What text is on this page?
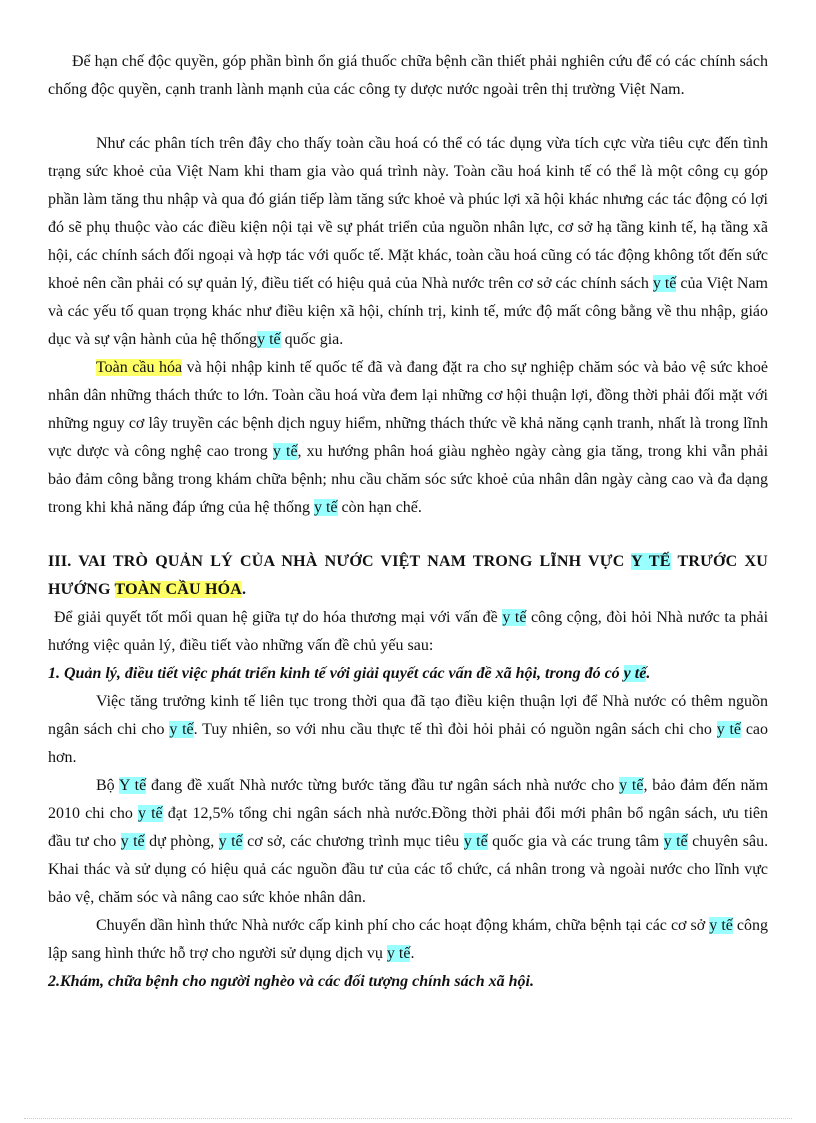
Để hạn chế độc quyền, góp phần bình ổn giá thuốc chữa bệnh cần thiết phải nghiên cứu để có các chính sách chống độc quyền, cạnh tranh lành mạnh của các công ty dược nước ngoài trên thị trường Việt Nam.

Như các phân tích trên đây cho thấy toàn cầu hoá có thể có tác dụng vừa tích cực vừa tiêu cực đến tình trạng sức khoẻ của Việt Nam khi tham gia vào quá trình này. Toàn cầu hoá kinh tế có thể là một công cụ góp phần làm tăng thu nhập và qua đó gián tiếp làm tăng sức khoẻ và phúc lợi xã hội khác nhưng các tác động có lợi đó sẽ phụ thuộc vào các điều kiện nội tại về sự phát triển của nguồn nhân lực, cơ sở hạ tầng kinh tế, hạ tầng xã hội, các chính sách đối ngoại và hợp tác với quốc tế. Mặt khác, toàn cầu hoá cũng có tác động không tốt đến sức khoẻ nên cần phải có sự quản lý, điều tiết có hiệu quả của Nhà nước trên cơ sở các chính sách y tế của Việt Nam và các yếu tố quan trọng khác như điều kiện xã hội, chính trị, kinh tế, mức độ mất công bằng về thu nhập, giáo dục và sự vận hành của hệ thốngy tế quốc gia.

Toàn cầu hóa và hội nhập kinh tế quốc tế đã và đang đặt ra cho sự nghiệp chăm sóc và bảo vệ sức khoẻ nhân dân những thách thức to lớn. Toàn cầu hoá vừa đem lại những cơ hội thuận lợi, đồng thời phải đối mặt với những nguy cơ lây truyền các bệnh dịch nguy hiểm, những thách thức về khả năng cạnh tranh, nhất là trong lĩnh vực dược và công nghệ cao trong y tế, xu hướng phân hoá giàu nghèo ngày càng gia tăng, trong khi vẫn phải bảo đảm công bằng trong khám chữa bệnh; nhu cầu chăm sóc sức khoẻ của nhân dân ngày càng cao và đa dạng trong khi khả năng đáp ứng của hệ thống y tế còn hạn chế.

III. VAI TRÒ QUẢN LÝ CỦA NHÀ NƯỚC VIỆT NAM TRONG LĨNH VỰC Y TẾ TRƯỚC XU HƯỚNG TOÀN CẦU HÓA.

Để giải quyết tốt mối quan hệ giữa tự do hóa thương mại với vấn đề y tế công cộng, đòi hỏi Nhà nước ta phải hướng việc quản lý, điều tiết vào những vấn đề chủ yếu sau:

1. Quản lý, điều tiết việc phát triển kinh tế với giải quyết các vấn đề xã hội, trong đó có y tế.

Việc tăng trưởng kinh tế liên tục trong thời qua đã tạo điều kiện thuận lợi để Nhà nước có thêm nguồn ngân sách chi cho y tế. Tuy nhiên, so với nhu cầu thực tế thì đòi hỏi phải có nguồn ngân sách chi cho y tế cao hơn.

Bộ Y tế đang đề xuất Nhà nước từng bước tăng đầu tư ngân sách nhà nước cho y tế, bảo đảm đến năm 2010 chi cho y tế đạt 12,5% tổng chi ngân sách nhà nước.Đồng thời phải đổi mới phân bổ ngân sách, ưu tiên đầu tư cho y tế dự phòng, y tế cơ sở, các chương trình mục tiêu y tế quốc gia và các trung tâm y tế chuyên sâu. Khai thác và sử dụng có hiệu quả các nguồn đầu tư của các tổ chức, cá nhân trong và ngoài nước cho lĩnh vực bảo vệ, chăm sóc và nâng cao sức khỏe nhân dân.

Chuyển dần hình thức Nhà nước cấp kinh phí cho các hoạt động khám, chữa bệnh tại các cơ sở y tế công lập sang hình thức hỗ trợ cho người sử dụng dịch vụ y tế.

2.Khám, chữa bệnh cho người nghèo và các đối tượng chính sách xã hội.
